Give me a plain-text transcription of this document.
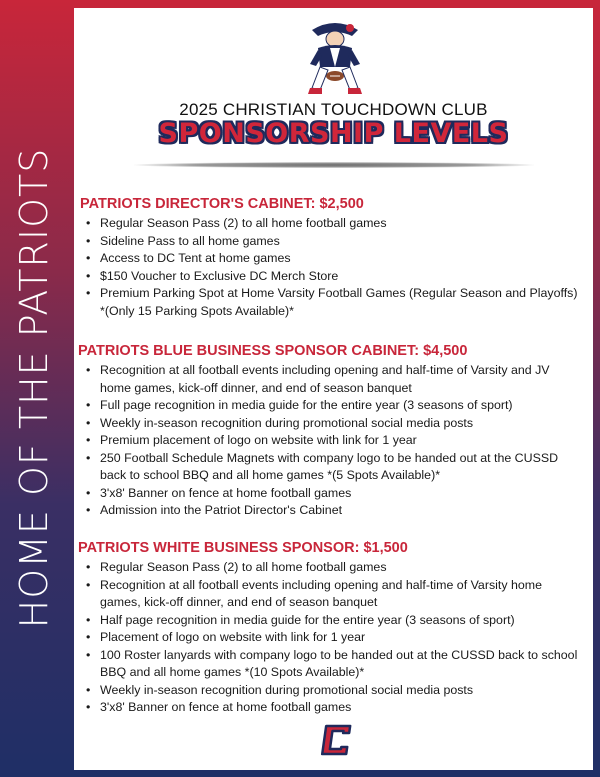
HOME OF THE PATRIOTS
2025 CHRISTIAN TOUCHDOWN CLUB
SPONSORSHIP LEVELS
PATRIOTS DIRECTOR'S CABINET: $2,500
• Regular Season Pass (2) to all home football games
• Sideline Pass to all home games
• Access to DC Tent at home games
• $150 Voucher to Exclusive DC Merch Store
• Premium Parking Spot at Home Varsity Football Games (Regular Season and Playoffs) *(Only 15 Parking Spots Available)*
PATRIOTS BLUE BUSINESS SPONSOR CABINET: $4,500
• Recognition at all football events including opening and half-time of Varsity and JV home games, kick-off dinner, and end of season banquet
• Full page recognition in media guide for the entire year (3 seasons of sport)
• Weekly in-season recognition during promotional social media posts
• Premium placement of logo on website with link for 1 year
• 250 Football Schedule Magnets with company logo to be handed out at the CUSSD back to school BBQ and all home games *(5 Spots Available)*
• 3'x8' Banner on fence at home football games
• Admission into the Patriot Director's Cabinet
PATRIOTS WHITE BUSINESS SPONSOR: $1,500
• Regular Season Pass (2) to all home football games
• Recognition at all football events including opening and half-time of Varsity home games, kick-off dinner, and end of season banquet
• Half page recognition in media guide for the entire year (3 seasons of sport)
• Placement of logo on website with link for 1 year
• 100 Roster lanyards with company logo to be handed out at the CUSSD back to school BBQ and all home games *(10 Spots Available)*
• Weekly in-season recognition during promotional social media posts
• 3'x8' Banner on fence at home football games
